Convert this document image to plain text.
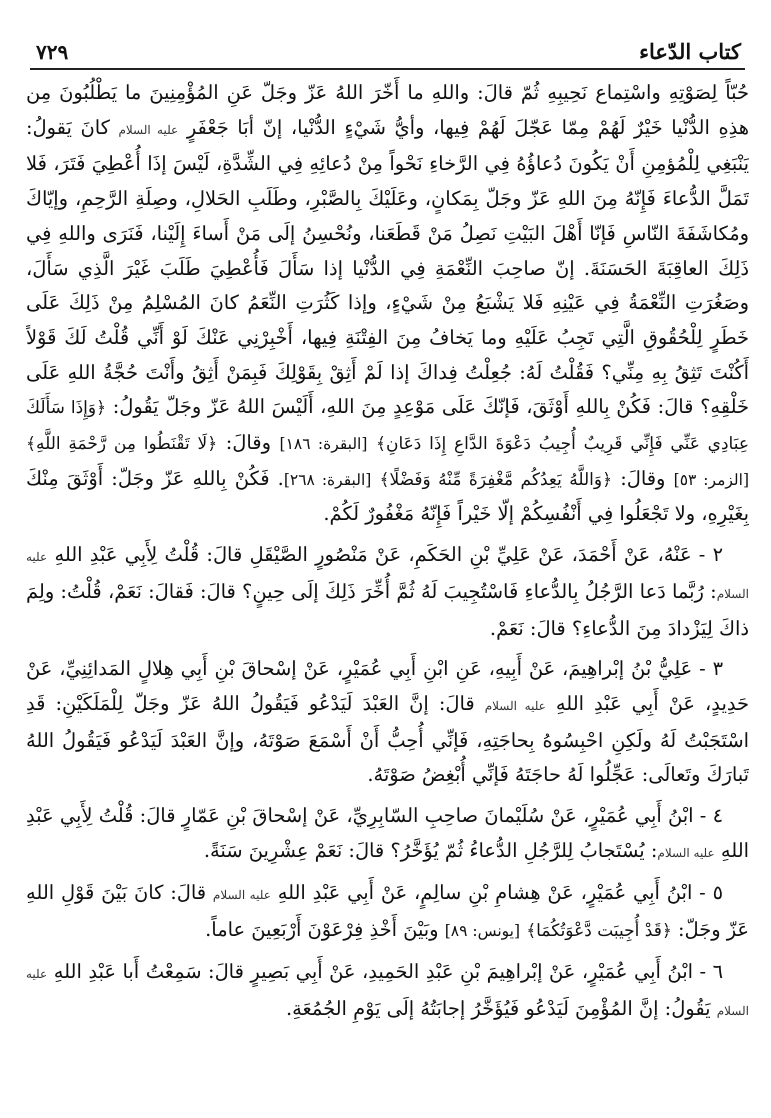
٧٢٩	كتاب الدّعاء

حُبّاً لِصَوْتِهِ واسْتِماع نَحِيبِهِ ثُمّ قالَ: واللهِ ما أَخّرَ اللهُ عَزّ وجَلّ عَنِ المُؤْمِنِينَ ما يَطْلُبُونَ مِن هذِهِ الدُّنْيا خَيْرٌ لَهُمْ مِمّا عَجّلَ لَهُمْ فِيها، وأيُّ شَيْءٍ الدُّنْيا، إنّ أبَا جَعْفَرٍ عليه السلام كانَ يَقولُ: يَنْبَغِي لِلْمُؤمِنِ أَنْ يَكُونَ دُعاؤُهُ فِي الرَّخاءِ نَحْواً مِنْ دُعائِهِ فِي الشِّدَّةِ، لَيْسَ إذَا أُعْطِيَ فَتَرَ، فَلا تَمَلَّ الدُّعاءَ فَإِنّهُ مِنَ اللهِ عَزّ وجَلّ بِمَكانٍ، وعَلَيْكَ بِالصَّبْرِ، وطَلَبِ الحَلالِ، وصِلَةِ الرَّحِمِ، وإيّاكَ ومُكاشَفَةَ النّاسِ فَإنّا أَهْلَ البَيْتِ نَصِلُ مَنْ قَطَعَنا، ونُحْسِنُ إلَى مَنْ أَساءَ إِلَيْنا، فَنَرَى واللهِ فِي ذَلِكَ العاقِبَةَ الحَسَنَةَ. إنّ صاحِبَ النِّعْمَةِ فِي الدُّنْيا إذا سَأَلَ فَأُعْطِيَ طَلَبَ غَيْرَ الَّذِي سَأَلَ، وصَغُرَتِ النِّعْمَةُ فِي عَيْنِهِ فَلا يَشْبَعُ مِنْ شَيْءٍ، وإذا كَثُرَتِ النِّعَمُ كانَ المُسْلِمُ مِنْ ذَلِكَ عَلَى خَطَرٍ لِلْحُقُوقِ الَّتِي تَجِبُ عَلَيْهِ وما يَخافُ مِنَ الفِتْنَةِ فِيها، أَخْبِرْنِي عَنْكَ لَوْ أَنِّي قُلْتُ لَكَ قَوْلاً أَكُنْتَ تَثِقُ بِهِ مِنِّي؟ فَقُلْتُ لَهُ: جُعِلْتُ فِداكَ إذا لَمْ أَثِقْ بِقَوْلِكَ فَبِمَنْ أَثِقُ وأَنْتَ حُجَّةُ اللهِ عَلَى خَلْقِهِ؟ قالَ: فَكُنْ بِاللهِ أَوْثَقَ، فَإنّكَ عَلَى مَوْعِدٍ مِنَ اللهِ، أَلَيْسَ اللهُ عَزّ وجَلّ يَقُولُ: ﴿وَإِذَا سَأَلَكَ عِبَادِي عَنِّي فَإِنِّي قَرِيبٌ أُجِيبُ دَعْوَةَ الدَّاعِ إِذَا دَعَانِ﴾ [البقرة: ١٨٦] وقالَ: ﴿لَا تَقْنَطُوا مِن رَّحْمَةِ اللَّهِ﴾ [الزمر: ٥٣] وقالَ: ﴿وَاللَّهُ يَعِدُكُم مَّغْفِرَةً مِّنْهُ وَفَضْلًا﴾ [البقرة: ٢٦٨]. فَكُنْ بِاللهِ عَزّ وجَلّ: أَوْثَقَ مِنْكَ بِغَيْرِهِ، ولا تَجْعَلُوا فِي أَنْفُسِكُمْ إلّا خَيْراً فَإِنّهُ مَغْفُورٌ لَكُمْ.

٢ - عَنْهُ، عَنْ أَحْمَدَ، عَنْ عَلِيِّ بْنِ الحَكَمِ، عَنْ مَنْصُورٍ الصَّيْقَلِ قالَ: قُلْتُ لِأَبِي عَبْدِ اللهِ عليه السلام: رُبَّما دَعا الرَّجُلُ بِالدُّعاءِ فَاسْتُجِيبَ لَهُ ثُمَّ أُخِّرَ ذَلِكَ إلَى حِينٍ؟ قالَ: فَقالَ: نَعَمْ، قُلْتُ: ولِمَ ذاكَ لِيَزْدادَ مِنَ الدُّعاءِ؟ قالَ: نَعَمْ.

٣ - عَلِيُّ بْنُ إبْراهِيمَ، عَنْ أَبِيهِ، عَنِ ابْنِ أَبِي عُمَيْرٍ، عَنْ إسْحاقَ بْنِ أَبِي هِلالٍ المَدائِنِيِّ، عَنْ حَدِيدٍ، عَنْ أَبِي عَبْدِ اللهِ عليه السلام قالَ: إنَّ العَبْدَ لَيَدْعُو فَيَقُولُ اللهُ عَزّ وجَلّ لِلْمَلَكَيْنِ: قَدِ اسْتَجَبْتُ لَهُ ولَكِنِ احْبِسُوهُ بِحاجَتِهِ، فَإنِّي أُحِبُّ أَنْ أَسْمَعَ صَوْتَهُ، وإنَّ العَبْدَ لَيَدْعُو فَيَقُولُ اللهُ تَبارَكَ وتَعالَى: عَجِّلُوا لَهُ حاجَتَهُ فَإنِّي أُبْغِضُ صَوْتَهُ.

٤ - ابْنُ أَبِي عُمَيْرٍ، عَنْ سُلَيْمانَ صاحِبِ السّابِرِيِّ، عَنْ إسْحاقَ بْنِ عَمّارٍ قالَ: قُلْتُ لِأَبِي عَبْدِ اللهِ عليه السلام: يُسْتَجابُ لِلرَّجُلِ الدُّعاءُ ثُمّ يُؤَخَّرُ؟ قالَ: نَعَمْ عِشْرِينَ سَنَةً.

٥ - ابْنُ أَبِي عُمَيْرٍ، عَنْ هِشامِ بْنِ سالِمٍ، عَنْ أَبِي عَبْدِ اللهِ عليه السلام قالَ: كانَ بَيْنَ قَوْلِ اللهِ عَزّ وجَلّ: ﴿قَدْ أُجِيبَت دَّعْوَتُكُمَا﴾ [يونس: ٨٩] وبَيْنَ أَخْذِ فِرْعَوْنَ أَرْبَعِينَ عاماً.

٦ - ابْنُ أَبِي عُمَيْرٍ، عَنْ إبْراهِيمَ بْنِ عَبْدِ الحَمِيدِ، عَنْ أَبِي بَصِيرٍ قالَ: سَمِعْتُ أَبا عَبْدِ اللهِ عليه السلام يَقُولُ: إنَّ المُؤْمِنَ لَيَدْعُو فَيُؤَخَّرُ إجابَتُهُ إلَى يَوْمِ الجُمُعَةِ.
